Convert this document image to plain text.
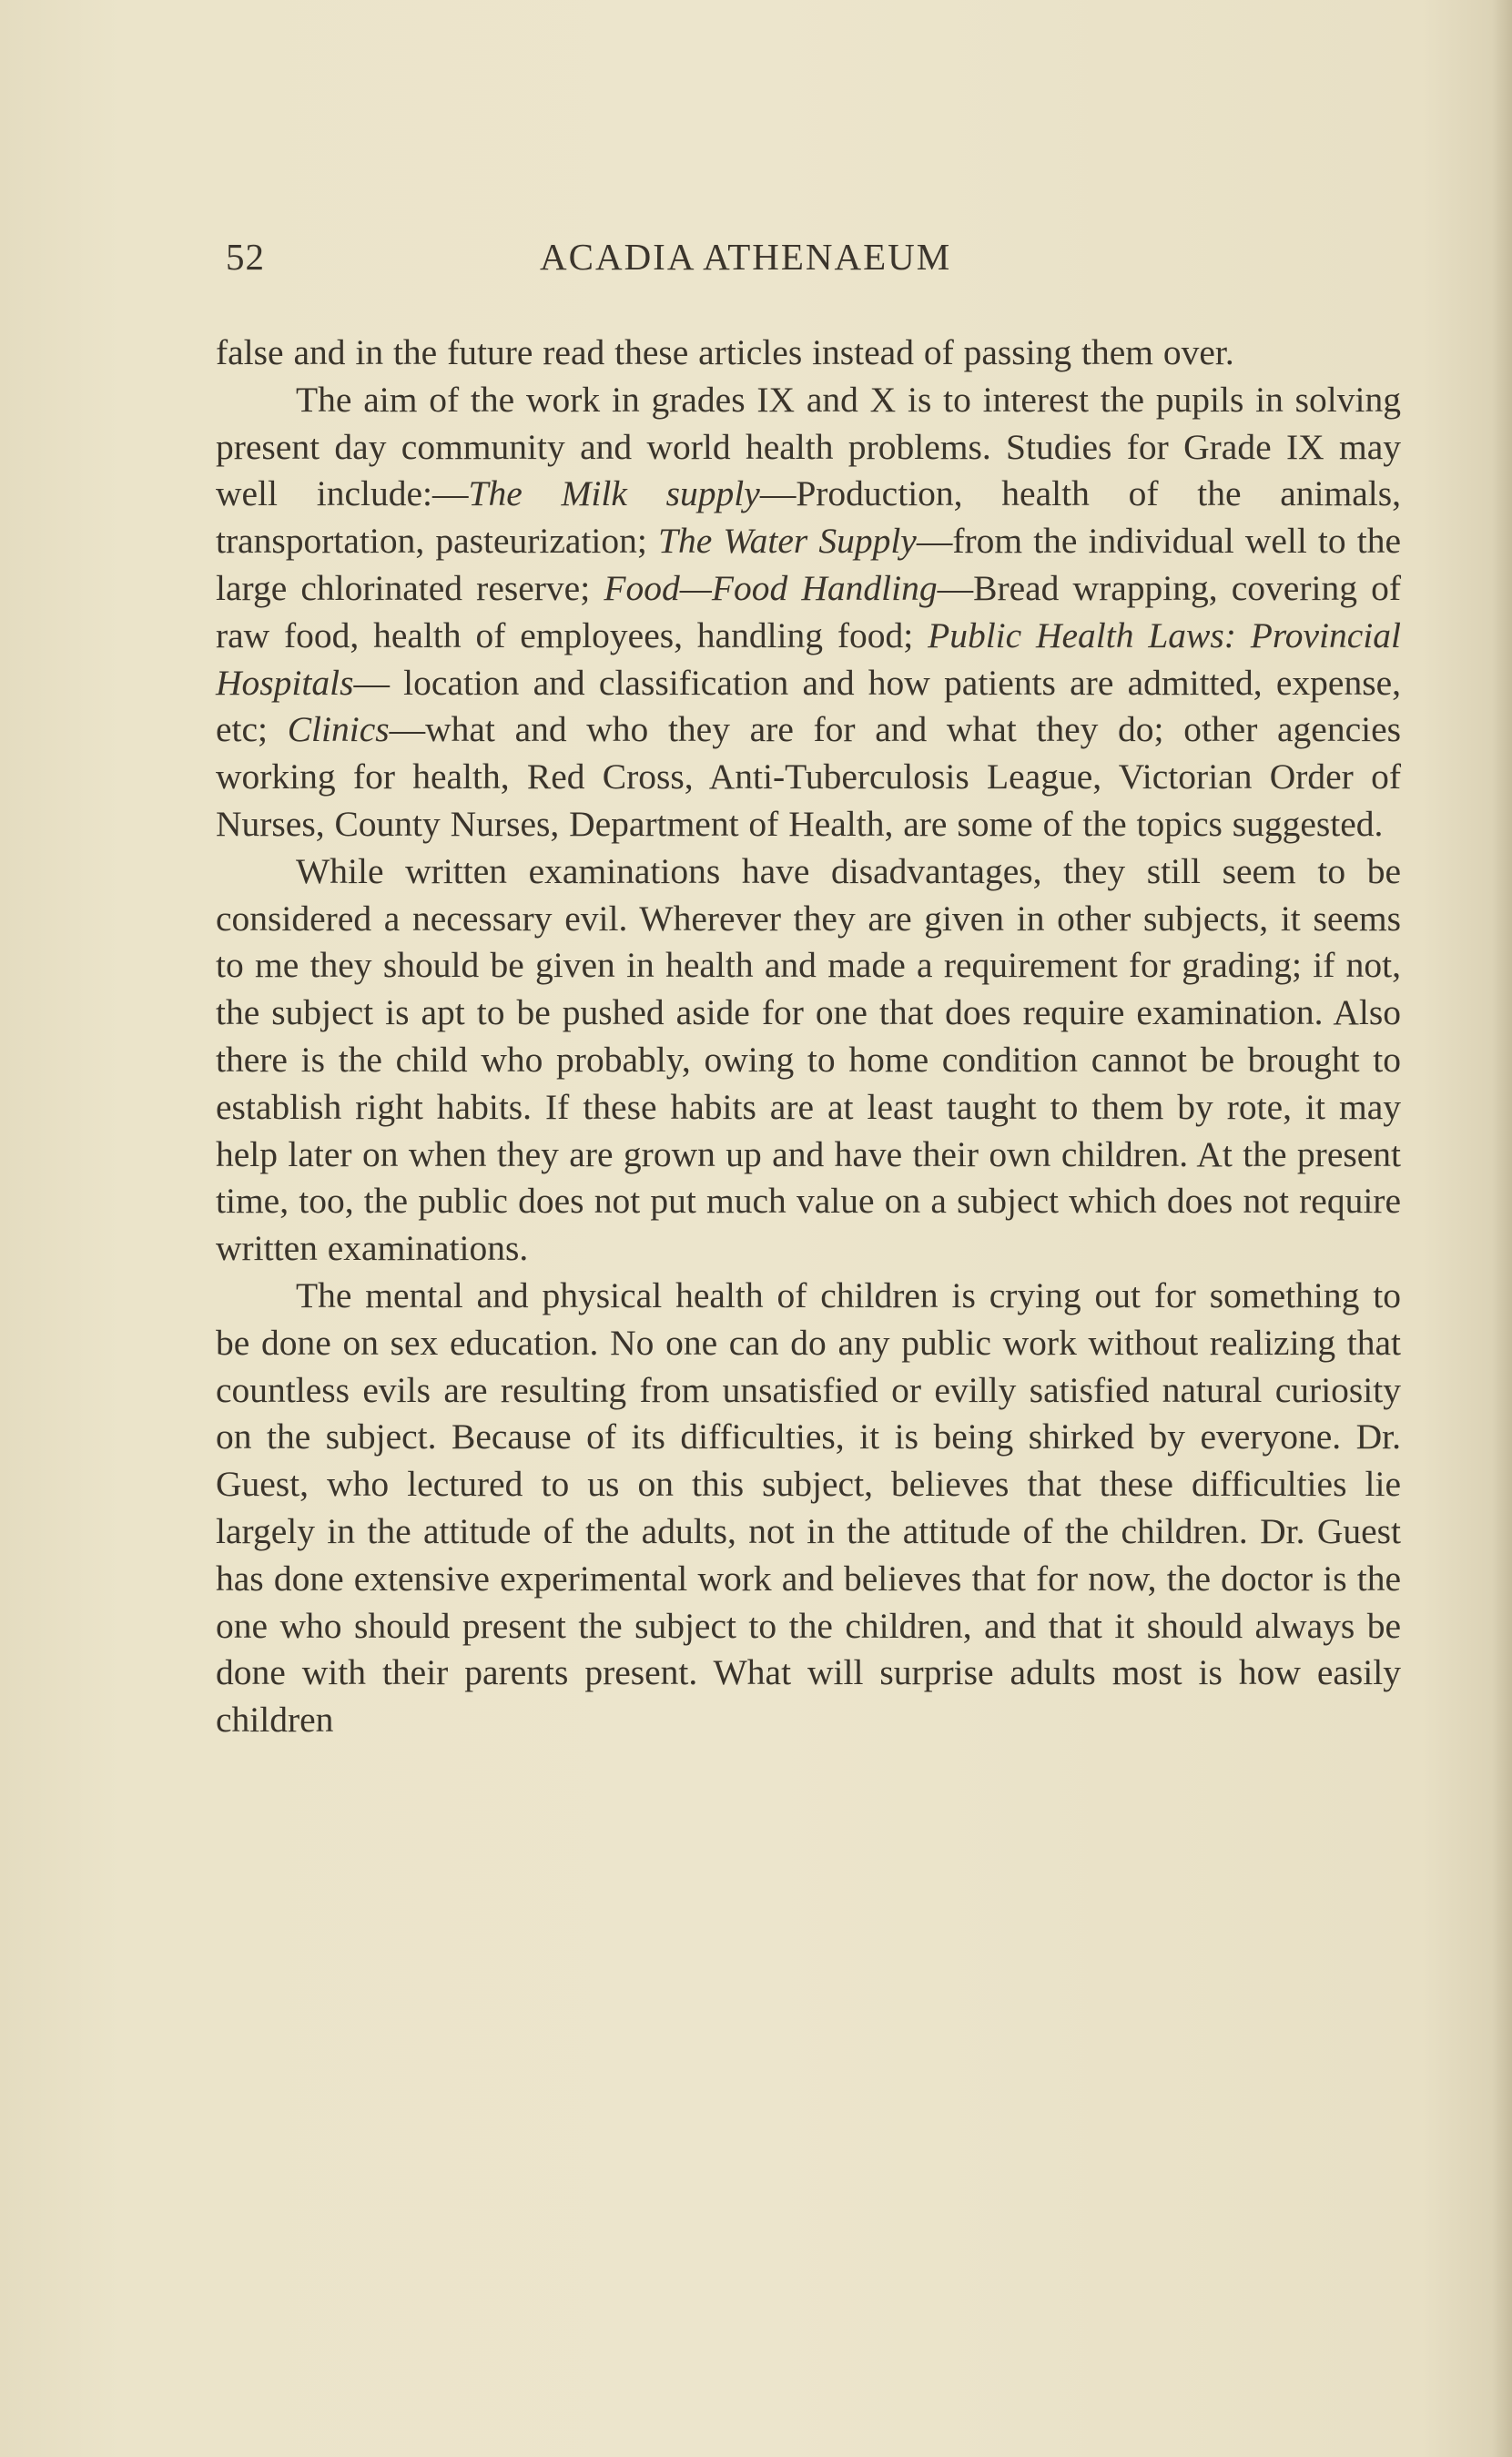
52	ACADIA ATHENAEUM

false and in the future read these articles instead of passing them over.

The aim of the work in grades IX and X is to interest the pupils in solving present day community and world health problems. Studies for Grade IX may well include:—The Milk supply—Production, health of the animals, transportation, pasteurization; The Water Supply—from the individual well to the large chlorinated reserve; Food—Food Handling—Bread wrapping, covering of raw food, health of employees, handling food; Public Health Laws: Provincial Hospitals— location and classification and how patients are admitted, expense, etc; Clinics—what and who they are for and what they do; other agencies working for health, Red Cross, Anti-Tuberculosis League, Victorian Order of Nurses, County Nurses, Department of Health, are some of the topics suggested.

While written examinations have disadvantages, they still seem to be considered a necessary evil. Wherever they are given in other subjects, it seems to me they should be given in health and made a requirement for grading; if not, the subject is apt to be pushed aside for one that does require examination. Also there is the child who probably, owing to home condition cannot be brought to establish right habits. If these habits are at least taught to them by rote, it may help later on when they are grown up and have their own children. At the present time, too, the public does not put much value on a subject which does not require written examinations.

The mental and physical health of children is crying out for something to be done on sex education. No one can do any public work without realizing that countless evils are resulting from unsatisfied or evilly satisfied natural curiosity on the subject. Because of its difficulties, it is being shirked by everyone. Dr. Guest, who lectured to us on this subject, believes that these difficulties lie largely in the attitude of the adults, not in the attitude of the children. Dr. Guest has done extensive experimental work and believes that for now, the doctor is the one who should present the subject to the children, and that it should always be done with their parents present. What will surprise adults most is how easily children
